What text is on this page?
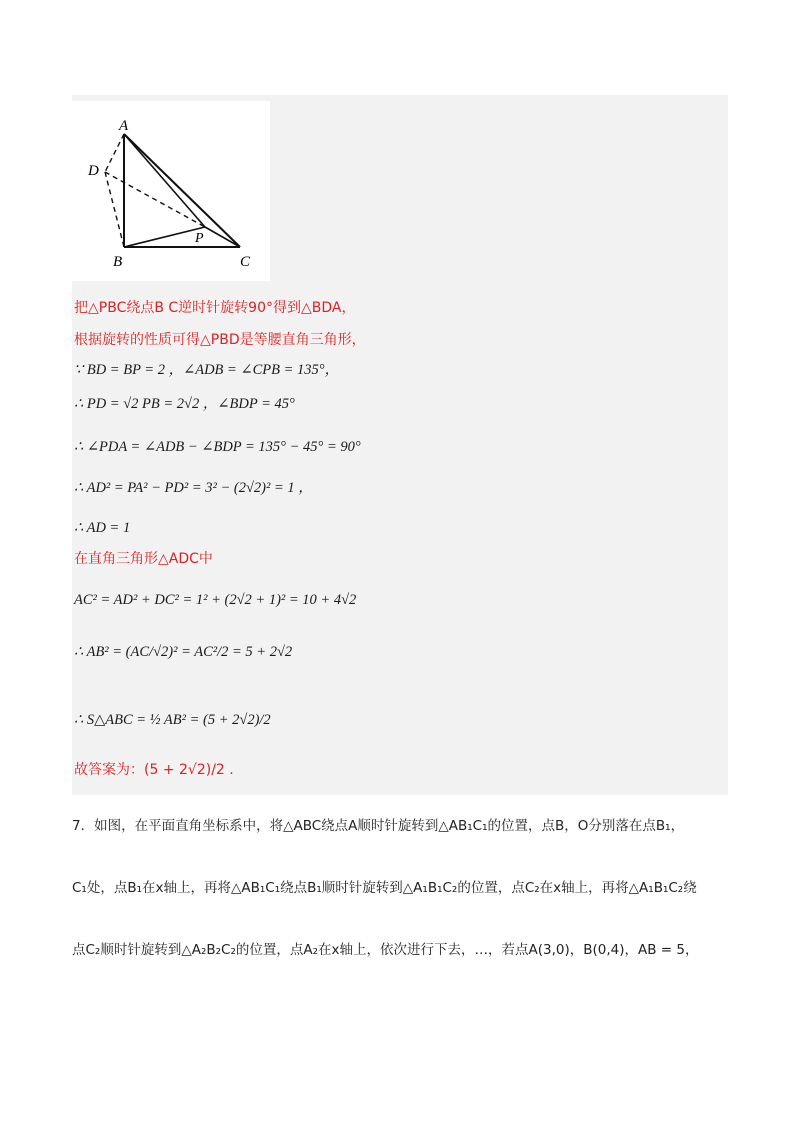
A
D
P
B	C
把△PBC绕点B C逆时针旋转90°得到△BDA，
根据旋转的性质可得△PBD是等腰直角三角形，
∵ BD = BP = 2 ，∠ADB = ∠CPB = 135°，
∴ PD = √2 PB = 2√2 ，∠BDP = 45°
∴ ∠PDA = ∠ADB − ∠BDP = 135° − 45° = 90°
∴ AD² = PA² − PD² = 3² − (2√2)² = 1 ，
∴ AD = 1
在直角三角形△ADC中
AC² = AD² + DC² = 1² + (2√2 + 1)² = 10 + 4√2
∴ AB² = (AC/√2)² = AC²/2 = 5 + 2√2
∴ S△ABC = ½ AB² = (5 + 2√2)/2
故答案为：(5 + 2√2)/2 .
7．如图，在平面直角坐标系中，将△ABC绕点A顺时针旋转到△AB₁C₁的位置，点B，O分别落在点B₁，
C₁处，点B₁在x轴上，再将△AB₁C₁绕点B₁顺时针旋转到△A₁B₁C₂的位置，点C₂在x轴上，再将△A₁B₁C₂绕
点C₂顺时针旋转到△A₂B₂C₂的位置，点A₂在x轴上，依次进行下去，…，若点A(3,0)，B(0,4)，AB = 5，
